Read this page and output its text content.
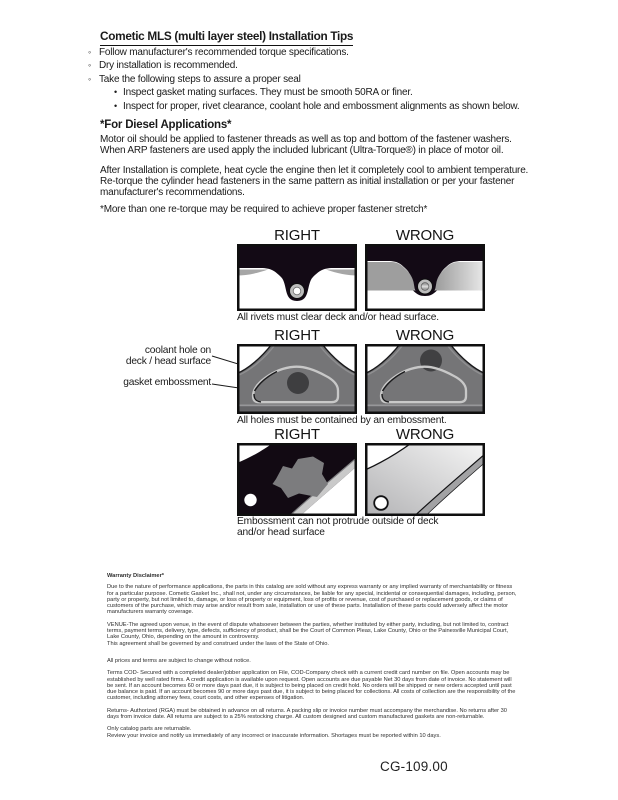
Cometic MLS (multi layer steel) Installation Tips
◦ Follow manufacturer's recommended torque specifications.
◦ Dry installation is recommended.
◦ Take the following steps to assure a proper seal
• Inspect gasket mating surfaces. They must be smooth 50RA or finer.
• Inspect for proper, rivet clearance, coolant hole and embossment alignments as shown below.
*For Diesel Applications*
Motor oil should be applied to fastener threads as well as top and bottom of the fastener washers. When ARP fasteners are used apply the included lubricant (Ultra-Torque®) in place of motor oil.
After Installation is complete, heat cycle the engine then let it completely cool to ambient temperature. Re-torque the cylinder head fasteners in the same pattern as initial installation or per your fastener manufacturer's recommendations.
*More than one re-torque may be required to achieve proper fastener stretch*
RIGHT	WRONG
All rivets must clear deck and/or head surface.
RIGHT	WRONG
coolant hole on
deck / head surface
gasket embossment
All holes must be contained by an embossment.
RIGHT	WRONG
Embossment can not protrude outside of deck and/or head surface

Warranty Disclaimer*

Due to the nature of performance applications, the parts in this catalog are sold without any express warranty or any implied warranty of merchantability or fitness for a particular purpose. Cometic Gasket Inc., shall not, under any circumstances, be liable for any special, incidental or consequential damages, including, person, party or property, but not limited to, damage, or loss of property or equipment, loss of profits or revenue, cost of purchased or replacement goods, or claims of customers of the purchase, which may arise and/or result from sale, installation or use of these parts. Installation of these parts could adversely affect the motor manufacturers warranty coverage.

VENUE-The agreed upon venue, in the event of dispute whatsoever between the parties, whether instituted by either party, including, but not limited to, contract terms, payment terms, delivery, type, defects, sufficiency of product, shall be the Court of Common Pleas, Lake County, Ohio or the Painesville Municipal Court, Lake County, Ohio, depending on the amount in controversy.

This agreement shall be governed by and construed under the laws of the State of Ohio.

All prices and terms are subject to change without notice.

Terms COD- Secured with a completed dealer/jobber application on File, COD-Company check with a current credit card number on file. Open accounts may be established by well rated firms. A credit application is available upon request. Open accounts are due payable Net 30 days from date of invoice. No statement will be sent. If an account becomes 60 or more days past due, it is subject to being placed on credit hold. No orders will be shipped or new orders accepted until past due balance is paid. If an account becomes 90 or more days past due, it is subject to being placed for collections. All costs of collection are the responsibility of the customer, including attorney fees, court costs, and other expenses of litigation.

Returns- Authorized (RGA) must be obtained in advance on all returns. A packing slip or invoice number must accompany the merchandise. No returns after 30 days from invoice date. All returns are subject to a 25% restocking charge. All custom designed and custom manufactured gaskets are non-returnable.

Only catalog parts are returnable.

Review your invoice and notify us immediately of any incorrect or inaccurate information. Shortages must be reported within 10 days.

CG-109.00
